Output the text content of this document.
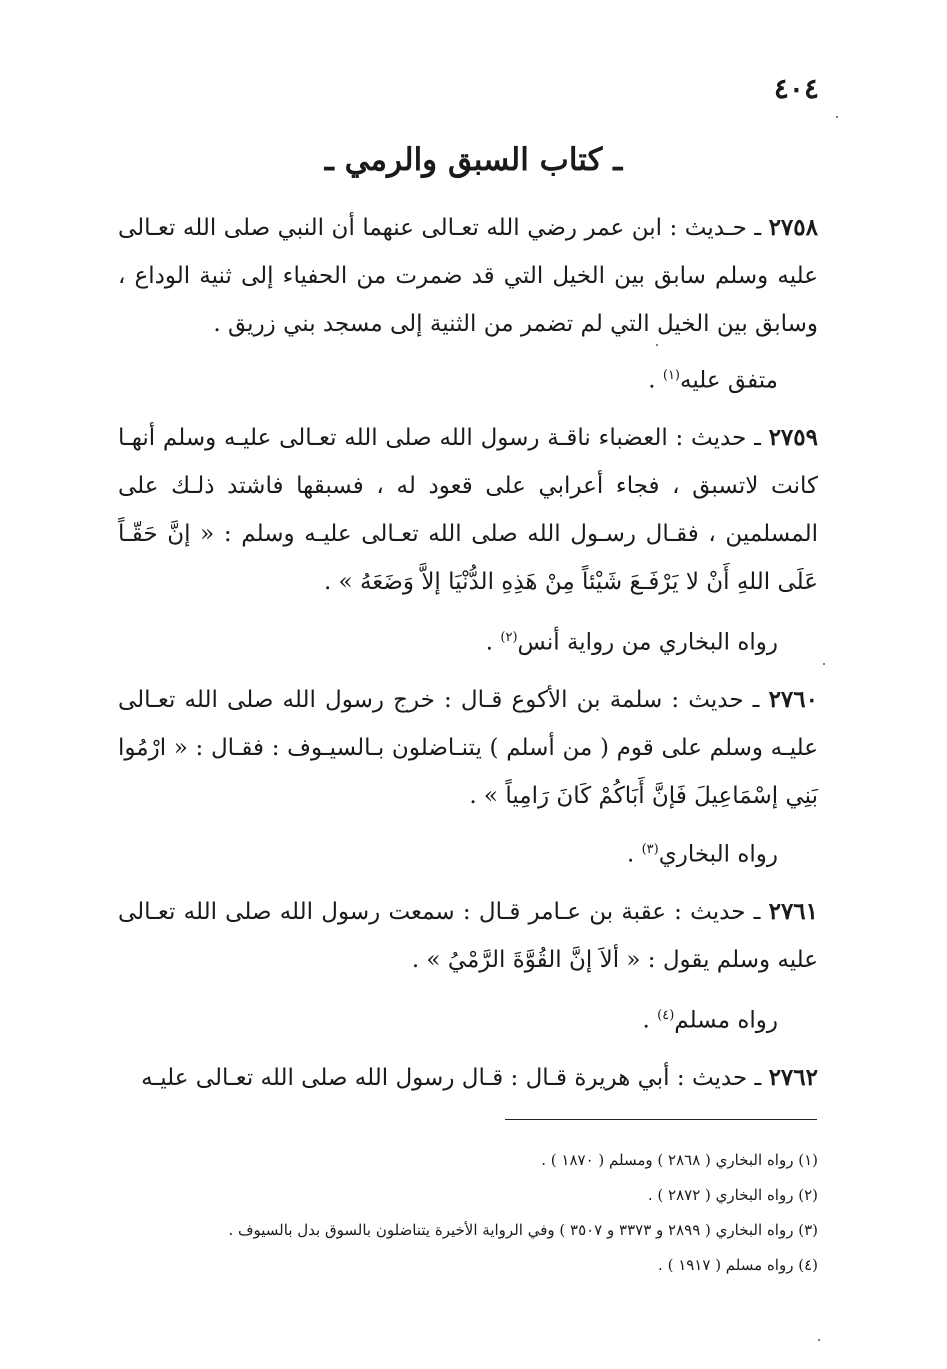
٤٠٤
ـ كتاب السبق والرمي ـ

٢٧٥٨ ـ حـديث : ابن عمر رضي الله تعـالى عنهما أن النبي صلى الله تعـالى عليه وسلم سابق بين الخيل التي قد ضمرت من الحفياء إلى ثنية الوداع ، وسابق بين الخيل التي لم تضمر من الثنية إلى مسجد بني زريق .

متفق عليه$^{(١)}$ .

٢٧٥٩ ـ حديث : العضباء ناقـة رسول الله صلى الله تعـالى عليـه وسلم أنهـا كانت لاتسبق ، فجاء أعرابي على قعود له ، فسبقها فاشتد ذلـك على المسلمين ، فقـال رسـول الله صلى الله تعـالى عليـه وسلم : « إنَّ حَقّـاً عَلَى اللهِ أَنْ لا يَرْفَـعَ شَيْئاً مِنْ هَذِهِ الدُّنْيَا إلاَّ وَضَعَهُ » .

رواه البخاري من رواية أنس$^{(٢)}$ .

٢٧٦٠ ـ حديث : سلمة بن الأكوع قـال : خرج رسول الله صلى الله تعـالى عليـه وسلم على قوم ( من أسلم ) يتنـاضلون بـالسيـوف : فقـال : « ارْمُوا بَنِي إسْمَاعِيلَ فَإنَّ أَبَاكُمْ كَانَ رَامِياً » .

رواه البخاري$^{(٣)}$ .

٢٧٦١ ـ حديث : عقبة بن عـامر قـال : سمعت رسول الله صلى الله تعـالى عليه وسلم يقول : « ألاَ إنَّ القُوَّةَ الرَّمْيُ » .

رواه مسلم$^{(٤)}$ .

٢٧٦٢ ـ حديث : أبي هريرة قـال : قـال رسول الله صلى الله تعـالى عليـه

(١) رواه البخاري ( ٢٨٦٨ ) ومسلم ( ١٨٧٠ ) .

(٢) رواه البخاري ( ٢٨٧٢ ) .

(٣) رواه البخاري ( ٢٨٩٩ و ٣٣٧٣ و ٣٥٠٧ ) وفي الرواية الأخيرة يتناضلون بالسوق بدل بالسيوف .

(٤) رواه مسلم ( ١٩١٧ ) .
